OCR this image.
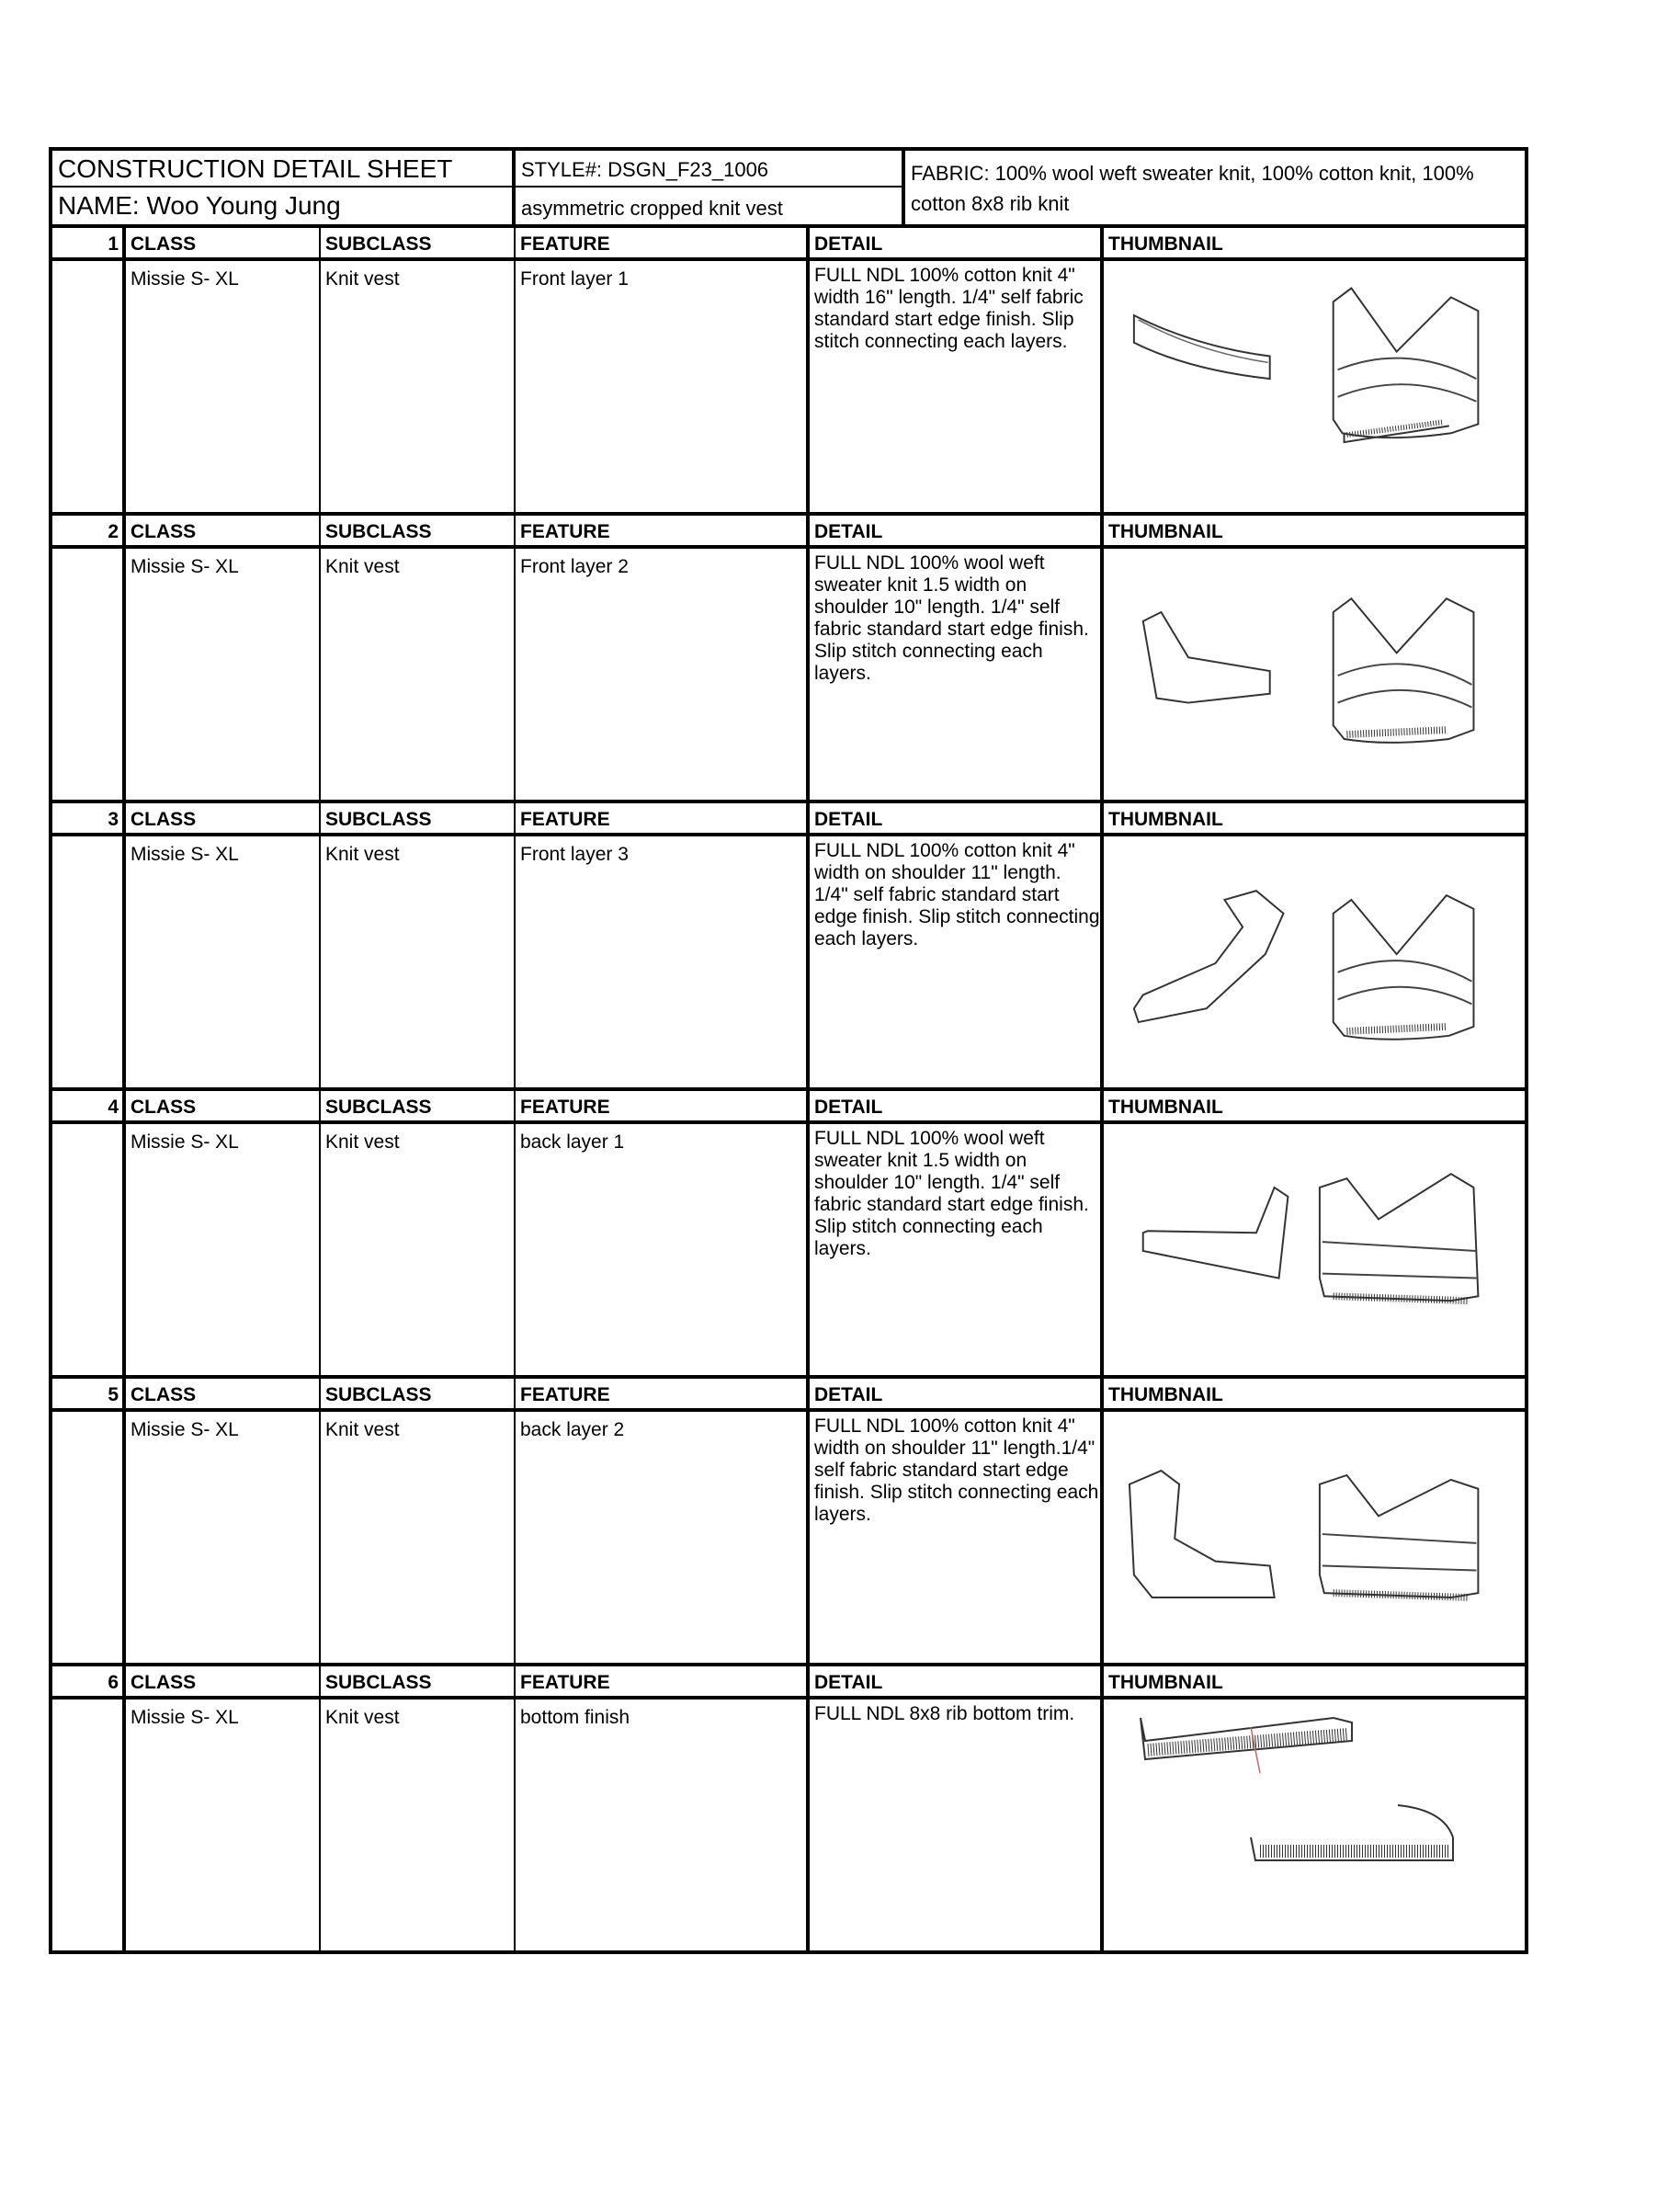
CONSTRUCTION DETAIL SHEET
NAME: Woo Young Jung
STYLE#: DSGN_F23_1006
asymmetric cropped knit vest
FABRIC: 100% wool weft sweater knit, 100% cotton knit, 100% cotton 8x8 rib knit
1 CLASS	SUBCLASS	FEATURE	DETAIL	THUMBNAIL
Missie S- XL	Knit vest	Front layer 1	FULL NDL 100% cotton knit 4" width 16" length. 1/4" self fabric standard start edge finish. Slip stitch connecting each layers.
2 CLASS	SUBCLASS	FEATURE	DETAIL	THUMBNAIL
Missie S- XL	Knit vest	Front layer 2	FULL NDL 100% wool weft sweater knit 1.5 width on shoulder 10" length. 1/4" self fabric standard start edge finish. Slip stitch connecting each layers.
3 CLASS	SUBCLASS	FEATURE	DETAIL	THUMBNAIL
Missie S- XL	Knit vest	Front layer 3	FULL NDL 100% cotton knit 4" width on shoulder 11" length. 1/4" self fabric standard start edge finish. Slip stitch connecting each layers.
4 CLASS	SUBCLASS	FEATURE	DETAIL	THUMBNAIL
Missie S- XL	Knit vest	back layer 1	FULL NDL 100% wool weft sweater knit 1.5 width on shoulder 10" length. 1/4" self fabric standard start edge finish. Slip stitch connecting each layers.
5 CLASS	SUBCLASS	FEATURE	DETAIL	THUMBNAIL
Missie S- XL	Knit vest	back layer 2	FULL NDL 100% cotton knit 4" width on shoulder 11" length.1/4" self fabric standard start edge finish. Slip stitch connecting each layers.
6 CLASS	SUBCLASS	FEATURE	DETAIL	THUMBNAIL
Missie S- XL	Knit vest	bottom finish	FULL NDL 8x8 rib bottom trim.
